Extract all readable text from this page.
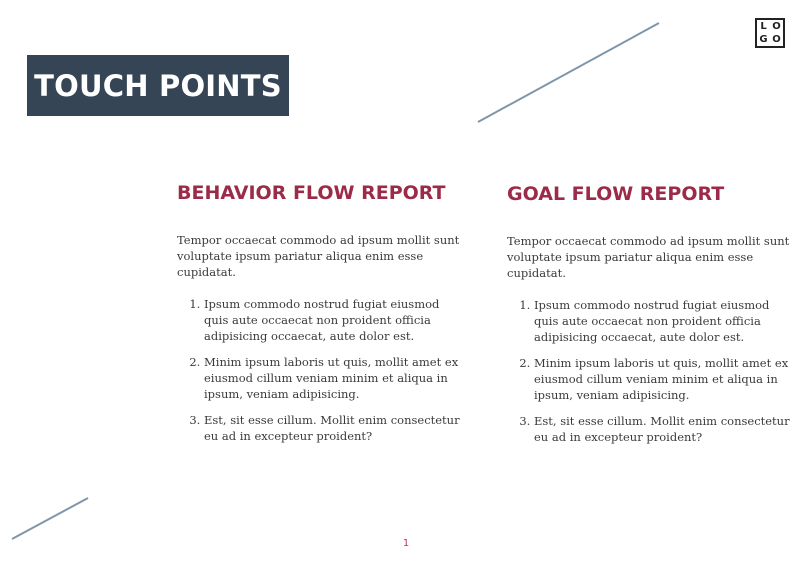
L O
G O
TOUCH POINTS
BEHAVIOR FLOW REPORT

Tempor occaecat commodo ad ipsum mollit sunt voluptate ipsum pariatur aliqua enim esse cupidatat.

1. Ipsum commodo nostrud fugiat eiusmod quis aute occaecat non proident officia adipisicing occaecat, aute dolor est.
2. Minim ipsum laboris ut quis, mollit amet ex eiusmod cillum veniam minim et aliqua in ipsum, veniam adipisicing.
3. Est, sit esse cillum. Mollit enim consectetur eu ad in excepteur proident?
GOAL FLOW REPORT

Tempor occaecat commodo ad ipsum mollit sunt voluptate ipsum pariatur aliqua enim esse cupidatat.

1. Ipsum commodo nostrud fugiat eiusmod quis aute occaecat non proident officia adipisicing occaecat, aute dolor est.
2. Minim ipsum laboris ut quis, mollit amet ex eiusmod cillum veniam minim et aliqua in ipsum, veniam adipisicing.
3. Est, sit esse cillum. Mollit enim consectetur eu ad in excepteur proident?
1
